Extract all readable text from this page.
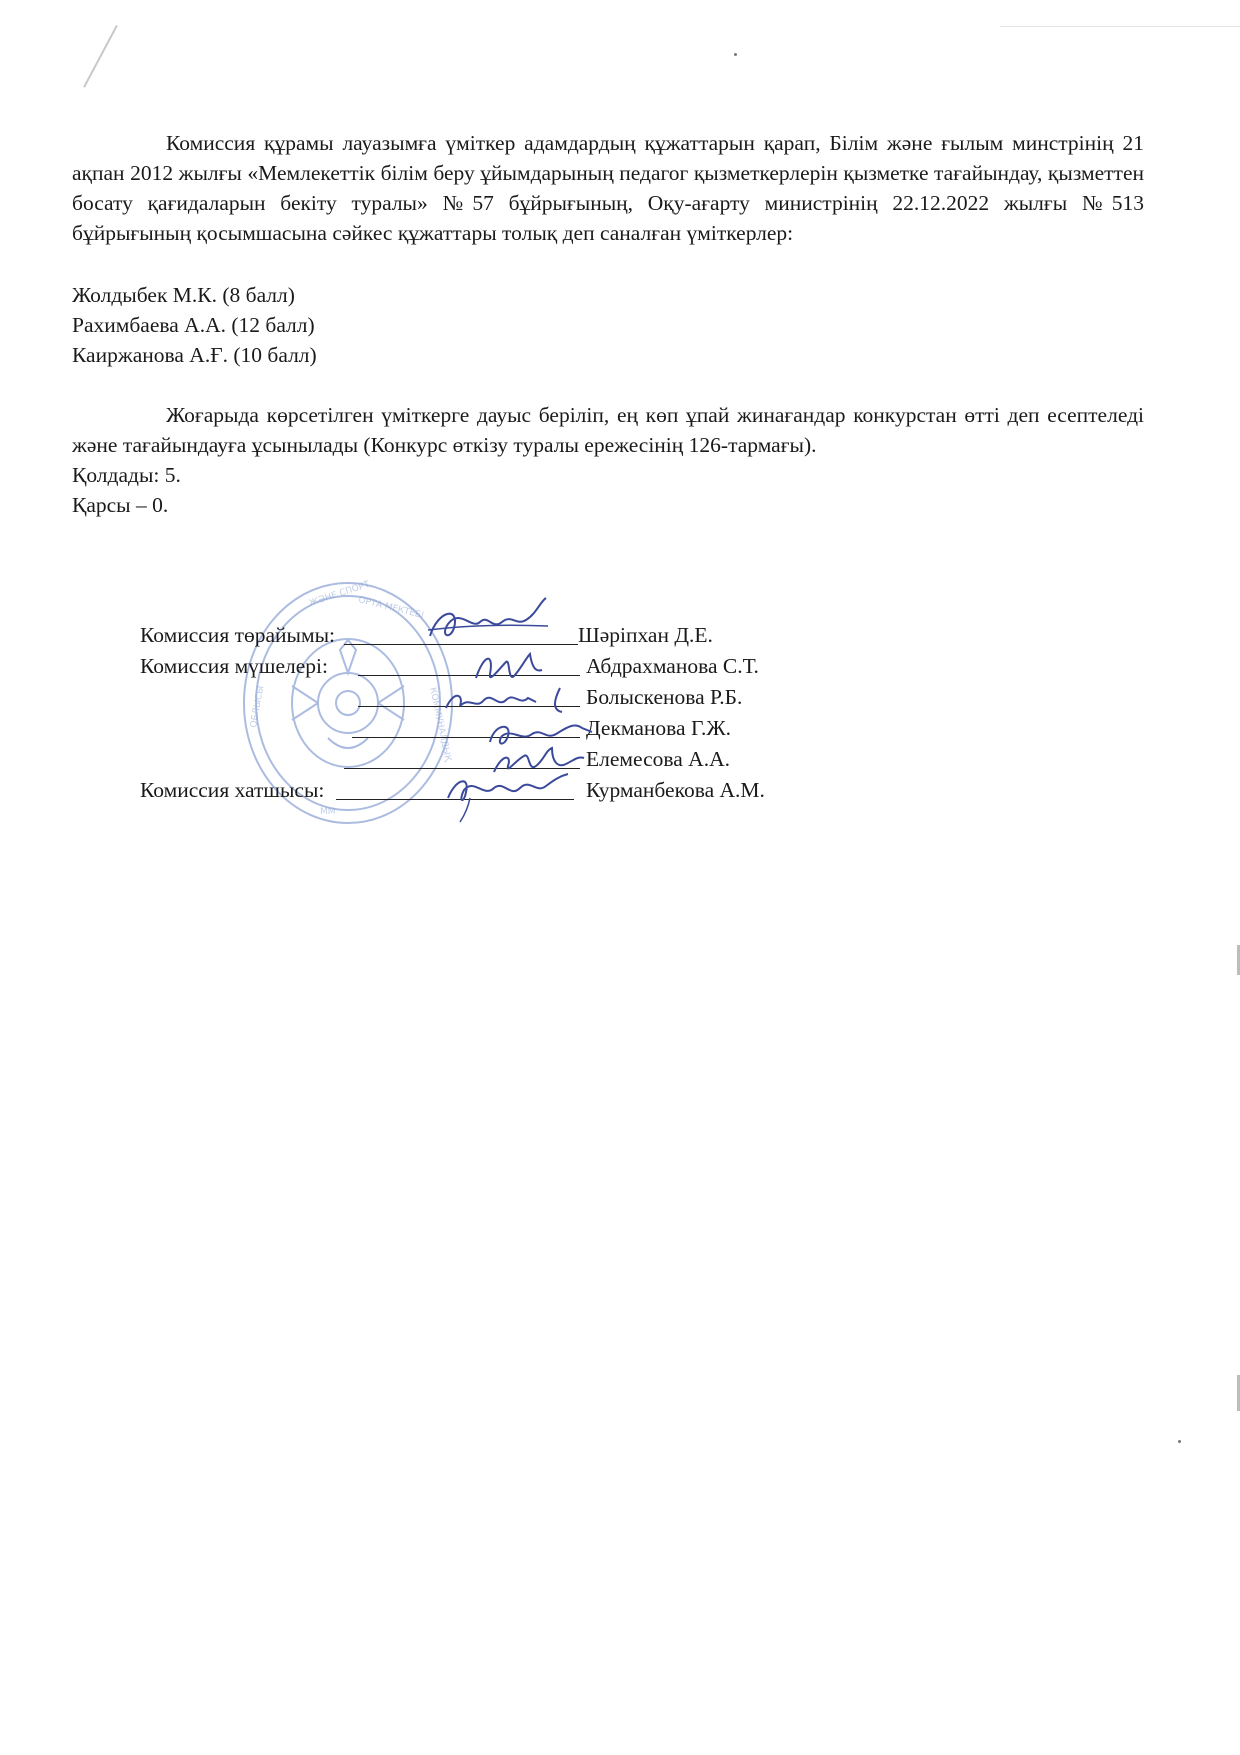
Комиссия құрамы лауазымға үміткер адамдардың құжаттарын қарап, Білім және ғылым минстрінің 21 ақпан 2012 жылғы «Мемлекеттік білім беру ұйымдарының педагог қызметкерлерін қызметке тағайындау, қызметтен босату қағидаларын бекіту туралы» №57 бұйрығының, Оқу-ағарту министрінің 22.12.2022 жылғы №513 бұйрығының қосымшасына сәйкес құжаттары толық деп саналған үміткерлер:

Жолдыбек М.К. (8 балл)
Рахимбаева А.А. (12 балл)
Каиржанова А.Ғ. (10 балл)

Жоғарыда көрсетілген үміткерге дауыс беріліп, ең көп ұпай жинағандар конкурстан өтті деп есептеледі және тағайындауға ұсынылады (Конкурс өткізу туралы ережесінің 126-тармағы).

Қолдады: 5.

Қарсы – 0.

ЖӘНЕ СПОРТ
ОРТА МЕКТЕБІ
ОБЛЫСЫ	КОММУНАЛДЫҚ
ММ
Комиссия төрайымы:	Шәріпхан Д.Е.
Комиссия мүшелері:	Абдрахманова С.Т.
Болыскенова Р.Б.
Декманова Г.Ж.
Елемесова А.А.
Комиссия хатшысы:	Курманбекова А.М.
